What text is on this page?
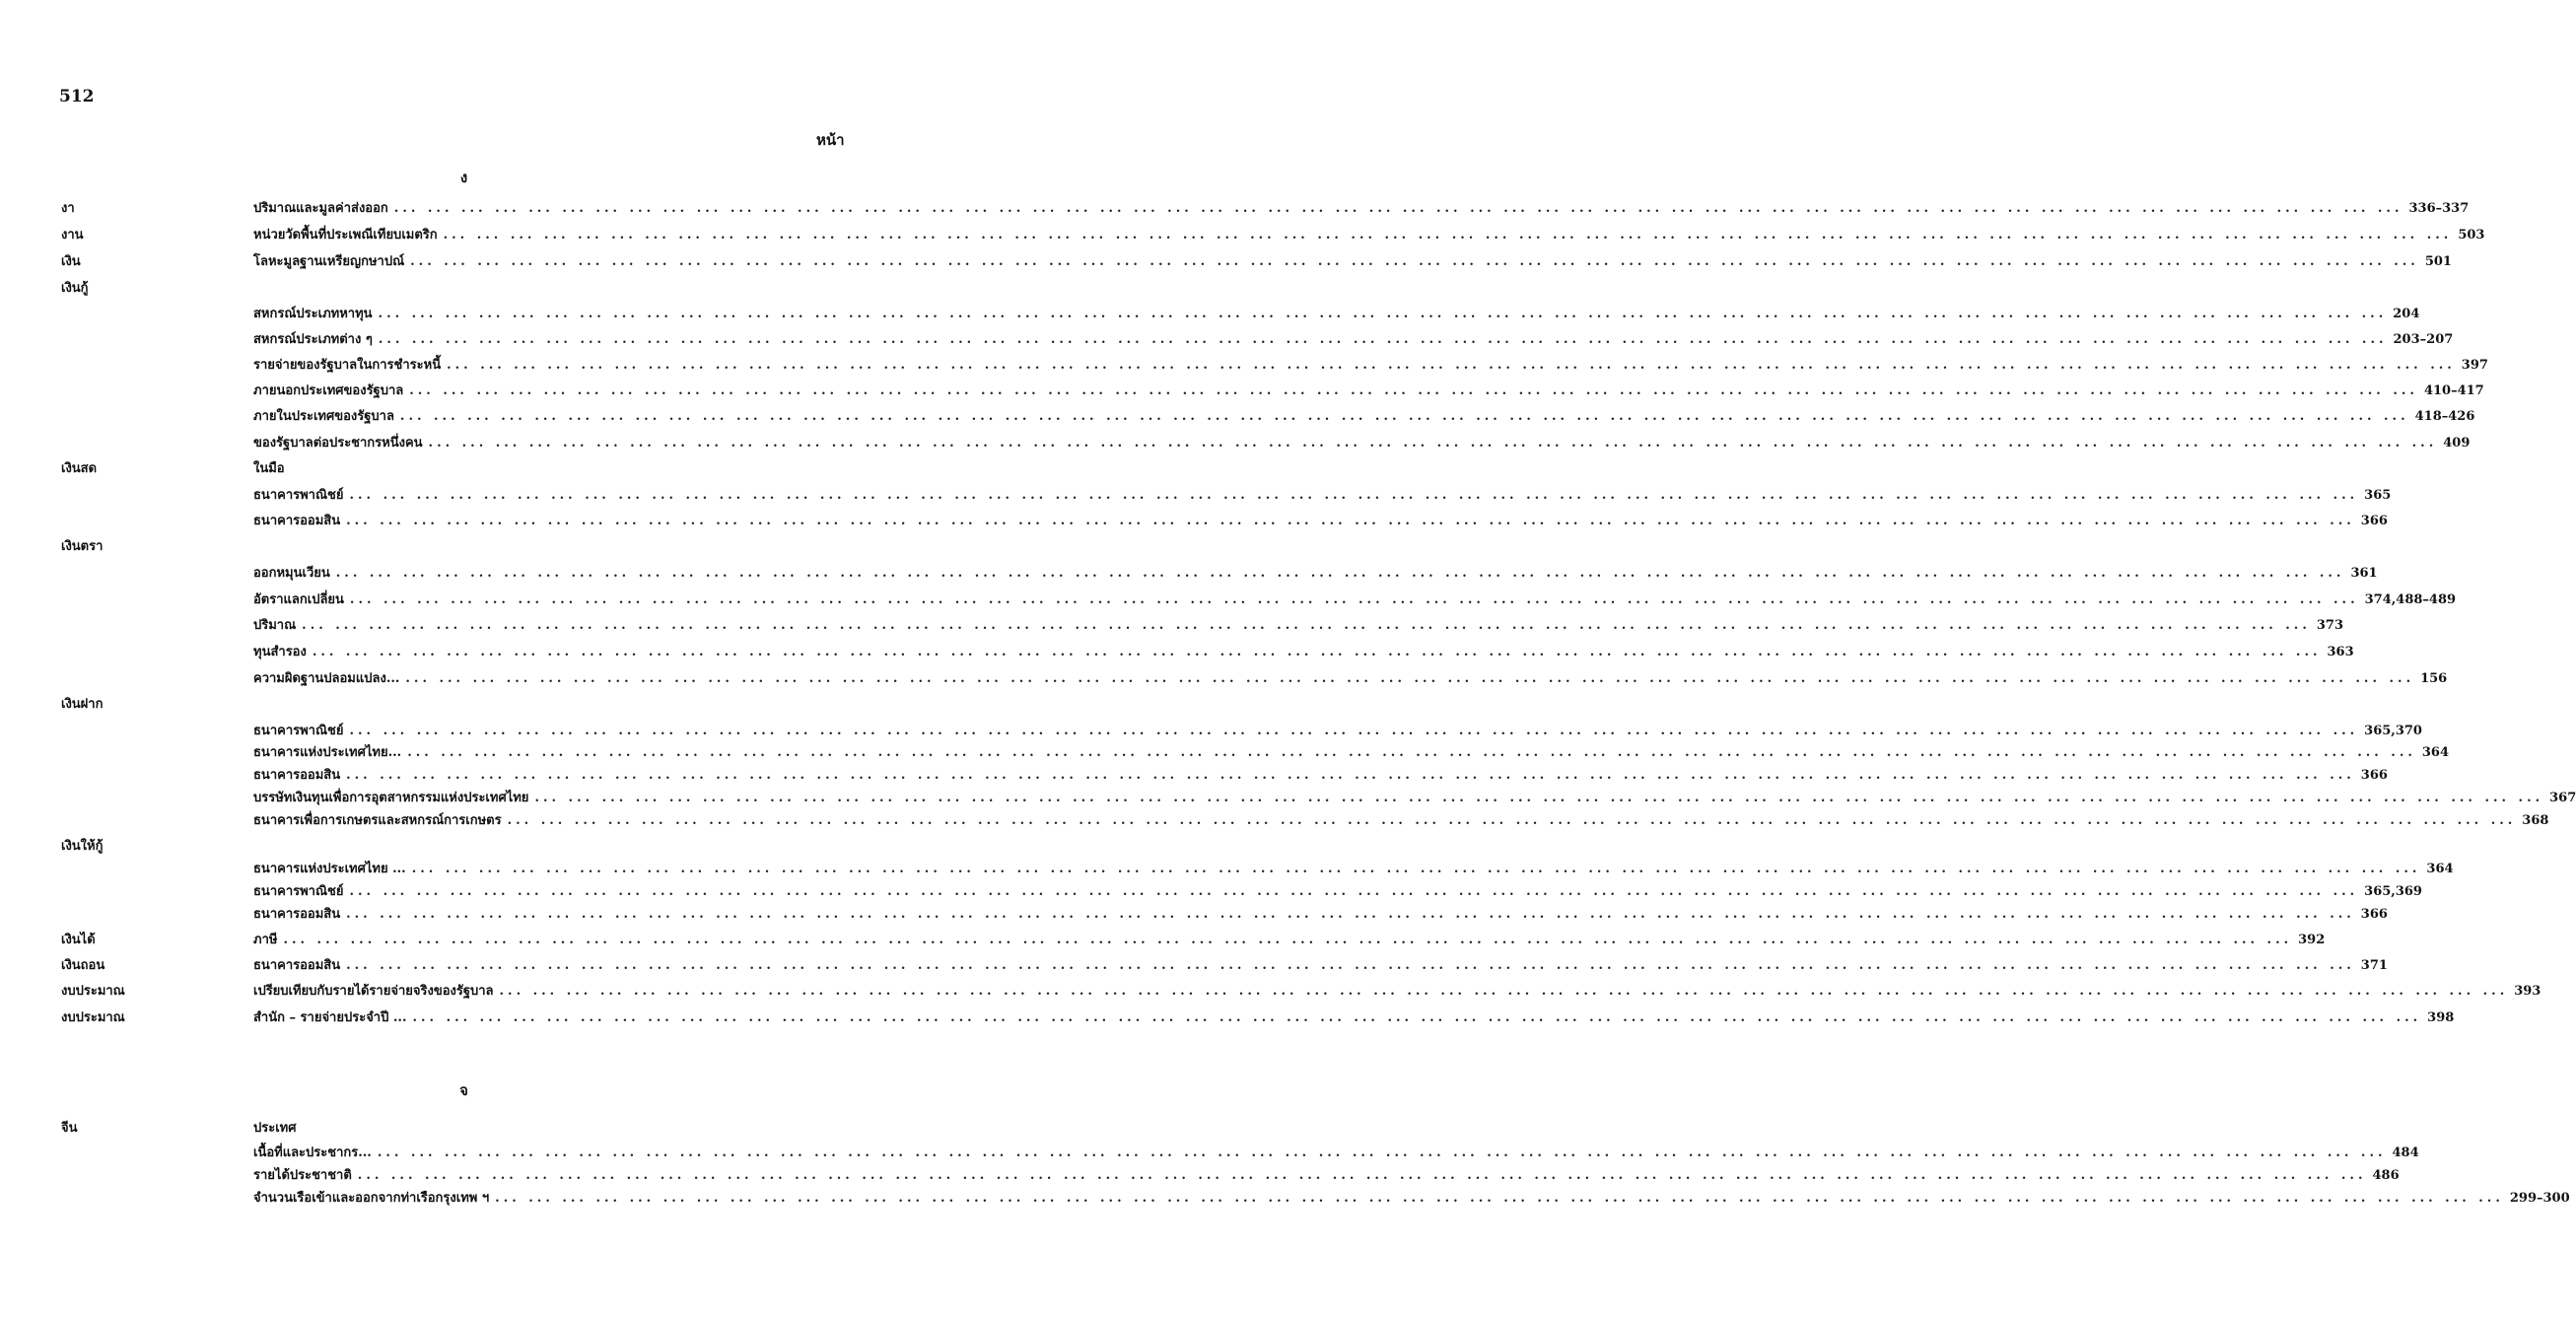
512
หน้า
ง
งา	ปริมาณและมูลค่าส่งออก ... ... ... ... ... ... ... ... ... ... ... ... ... ... ... ... ... ... ... ... ... ... ... ... ... ... ... ... ... ... ... ... ... ... ... ... ... ... ... ... ... ... ... ... ... ... ... ... ... ... ... ... ... ... ... ... ... ... ... ... 336–337
งาน	หน่วยวัดพื้นที่ประเพณีเทียบเมตริก ... ... ... ... ... ... ... ... ... ... ... ... ... ... ... ... ... ... ... ... ... ... ... ... ... ... ... ... ... ... ... ... ... ... ... ... ... ... ... ... ... ... ... ... ... ... ... ... ... ... ... ... ... ... ... ... ... ... ... ... 503
เงิน	โลหะมูลฐานเหรียญกษาปณ์ ... ... ... ... ... ... ... ... ... ... ... ... ... ... ... ... ... ... ... ... ... ... ... ... ... ... ... ... ... ... ... ... ... ... ... ... ... ... ... ... ... ... ... ... ... ... ... ... ... ... ... ... ... ... ... ... ... ... ... ... 501
เงินกู้
สหกรณ์ประเภทหาทุน ... ... ... ... ... ... ... ... ... ... ... ... ... ... ... ... ... ... ... ... ... ... ... ... ... ... ... ... ... ... ... ... ... ... ... ... ... ... ... ... ... ... ... ... ... ... ... ... ... ... ... ... ... ... ... ... ... ... ... ... 204
สหกรณ์ประเภทต่าง ๆ ... ... ... ... ... ... ... ... ... ... ... ... ... ... ... ... ... ... ... ... ... ... ... ... ... ... ... ... ... ... ... ... ... ... ... ... ... ... ... ... ... ... ... ... ... ... ... ... ... ... ... ... ... ... ... ... ... ... ... ... 203–207
รายจ่ายของรัฐบาลในการชำระหนี้ ... ... ... ... ... ... ... ... ... ... ... ... ... ... ... ... ... ... ... ... ... ... ... ... ... ... ... ... ... ... ... ... ... ... ... ... ... ... ... ... ... ... ... ... ... ... ... ... ... ... ... ... ... ... ... ... ... ... ... ... 397
ภายนอกประเทศของรัฐบาล ... ... ... ... ... ... ... ... ... ... ... ... ... ... ... ... ... ... ... ... ... ... ... ... ... ... ... ... ... ... ... ... ... ... ... ... ... ... ... ... ... ... ... ... ... ... ... ... ... ... ... ... ... ... ... ... ... ... ... ... 410–417
ภายในประเทศของรัฐบาล ... ... ... ... ... ... ... ... ... ... ... ... ... ... ... ... ... ... ... ... ... ... ... ... ... ... ... ... ... ... ... ... ... ... ... ... ... ... ... ... ... ... ... ... ... ... ... ... ... ... ... ... ... ... ... ... ... ... ... ... 418–426
ของรัฐบาลต่อประชากรหนึ่งคน ... ... ... ... ... ... ... ... ... ... ... ... ... ... ... ... ... ... ... ... ... ... ... ... ... ... ... ... ... ... ... ... ... ... ... ... ... ... ... ... ... ... ... ... ... ... ... ... ... ... ... ... ... ... ... ... ... ... ... ... 409
เงินสด	ในมือ
ธนาคารพาณิชย์ ... ... ... ... ... ... ... ... ... ... ... ... ... ... ... ... ... ... ... ... ... ... ... ... ... ... ... ... ... ... ... ... ... ... ... ... ... ... ... ... ... ... ... ... ... ... ... ... ... ... ... ... ... ... ... ... ... ... ... ... 365
ธนาคารออมสิน ... ... ... ... ... ... ... ... ... ... ... ... ... ... ... ... ... ... ... ... ... ... ... ... ... ... ... ... ... ... ... ... ... ... ... ... ... ... ... ... ... ... ... ... ... ... ... ... ... ... ... ... ... ... ... ... ... ... ... ... 366
เงินตรา
ออกหมุนเวียน ... ... ... ... ... ... ... ... ... ... ... ... ... ... ... ... ... ... ... ... ... ... ... ... ... ... ... ... ... ... ... ... ... ... ... ... ... ... ... ... ... ... ... ... ... ... ... ... ... ... ... ... ... ... ... ... ... ... ... ... 361
อัตราแลกเปลี่ยน ... ... ... ... ... ... ... ... ... ... ... ... ... ... ... ... ... ... ... ... ... ... ... ... ... ... ... ... ... ... ... ... ... ... ... ... ... ... ... ... ... ... ... ... ... ... ... ... ... ... ... ... ... ... ... ... ... ... ... ... 374,488–489
ปริมาณ ... ... ... ... ... ... ... ... ... ... ... ... ... ... ... ... ... ... ... ... ... ... ... ... ... ... ... ... ... ... ... ... ... ... ... ... ... ... ... ... ... ... ... ... ... ... ... ... ... ... ... ... ... ... ... ... ... ... ... ... 373
ทุนสำรอง ... ... ... ... ... ... ... ... ... ... ... ... ... ... ... ... ... ... ... ... ... ... ... ... ... ... ... ... ... ... ... ... ... ... ... ... ... ... ... ... ... ... ... ... ... ... ... ... ... ... ... ... ... ... ... ... ... ... ... ... 363
ความผิดฐานปลอมแปลง... ... ... ... ... ... ... ... ... ... ... ... ... ... ... ... ... ... ... ... ... ... ... ... ... ... ... ... ... ... ... ... ... ... ... ... ... ... ... ... ... ... ... ... ... ... ... ... ... ... ... ... ... ... ... ... ... ... ... ... ... 156
เงินฝาก
ธนาคารพาณิชย์ ... ... ... ... ... ... ... ... ... ... ... ... ... ... ... ... ... ... ... ... ... ... ... ... ... ... ... ... ... ... ... ... ... ... ... ... ... ... ... ... ... ... ... ... ... ... ... ... ... ... ... ... ... ... ... ... ... ... ... ... 365,370
ธนาคารแห่งประเทศไทย... ... ... ... ... ... ... ... ... ... ... ... ... ... ... ... ... ... ... ... ... ... ... ... ... ... ... ... ... ... ... ... ... ... ... ... ... ... ... ... ... ... ... ... ... ... ... ... ... ... ... ... ... ... ... ... ... ... ... ... ... 364
ธนาคารออมสิน ... ... ... ... ... ... ... ... ... ... ... ... ... ... ... ... ... ... ... ... ... ... ... ... ... ... ... ... ... ... ... ... ... ... ... ... ... ... ... ... ... ... ... ... ... ... ... ... ... ... ... ... ... ... ... ... ... ... ... ... 366
บรรษัทเงินทุนเพื่อการอุตสาหกรรมแห่งประเทศไทย ... ... ... ... ... ... ... ... ... ... ... ... ... ... ... ... ... ... ... ... ... ... ... ... ... ... ... ... ... ... ... ... ... ... ... ... ... ... ... ... ... ... ... ... ... ... ... ... ... ... ... ... ... ... ... ... ... ... ... ... 367
ธนาคารเพื่อการเกษตรและสหกรณ์การเกษตร ... ... ... ... ... ... ... ... ... ... ... ... ... ... ... ... ... ... ... ... ... ... ... ... ... ... ... ... ... ... ... ... ... ... ... ... ... ... ... ... ... ... ... ... ... ... ... ... ... ... ... ... ... ... ... ... ... ... ... ... 368
เงินให้กู้
ธนาคารแห่งประเทศไทย ... ... ... ... ... ... ... ... ... ... ... ... ... ... ... ... ... ... ... ... ... ... ... ... ... ... ... ... ... ... ... ... ... ... ... ... ... ... ... ... ... ... ... ... ... ... ... ... ... ... ... ... ... ... ... ... ... ... ... ... ... 364
ธนาคารพาณิชย์ ... ... ... ... ... ... ... ... ... ... ... ... ... ... ... ... ... ... ... ... ... ... ... ... ... ... ... ... ... ... ... ... ... ... ... ... ... ... ... ... ... ... ... ... ... ... ... ... ... ... ... ... ... ... ... ... ... ... ... ... 365,369
ธนาคารออมสิน ... ... ... ... ... ... ... ... ... ... ... ... ... ... ... ... ... ... ... ... ... ... ... ... ... ... ... ... ... ... ... ... ... ... ... ... ... ... ... ... ... ... ... ... ... ... ... ... ... ... ... ... ... ... ... ... ... ... ... ... 366
เงินได้	ภาษี ... ... ... ... ... ... ... ... ... ... ... ... ... ... ... ... ... ... ... ... ... ... ... ... ... ... ... ... ... ... ... ... ... ... ... ... ... ... ... ... ... ... ... ... ... ... ... ... ... ... ... ... ... ... ... ... ... ... ... ... 392
เงินถอน	ธนาคารออมสิน ... ... ... ... ... ... ... ... ... ... ... ... ... ... ... ... ... ... ... ... ... ... ... ... ... ... ... ... ... ... ... ... ... ... ... ... ... ... ... ... ... ... ... ... ... ... ... ... ... ... ... ... ... ... ... ... ... ... ... ... 371
งบประมาณ	เปรียบเทียบกับรายได้รายจ่ายจริงของรัฐบาล ... ... ... ... ... ... ... ... ... ... ... ... ... ... ... ... ... ... ... ... ... ... ... ... ... ... ... ... ... ... ... ... ... ... ... ... ... ... ... ... ... ... ... ... ... ... ... ... ... ... ... ... ... ... ... ... ... ... ... ... 393
งบประมาณ	สำนัก – รายจ่ายประจำปี ... ... ... ... ... ... ... ... ... ... ... ... ... ... ... ... ... ... ... ... ... ... ... ... ... ... ... ... ... ... ... ... ... ... ... ... ... ... ... ... ... ... ... ... ... ... ... ... ... ... ... ... ... ... ... ... ... ... ... ... ... 398
จ
จีน	ประเทศ
เนื้อที่และประชากร... ... ... ... ... ... ... ... ... ... ... ... ... ... ... ... ... ... ... ... ... ... ... ... ... ... ... ... ... ... ... ... ... ... ... ... ... ... ... ... ... ... ... ... ... ... ... ... ... ... ... ... ... ... ... ... ... ... ... ... ... 484
รายได้ประชาชาติ ... ... ... ... ... ... ... ... ... ... ... ... ... ... ... ... ... ... ... ... ... ... ... ... ... ... ... ... ... ... ... ... ... ... ... ... ... ... ... ... ... ... ... ... ... ... ... ... ... ... ... ... ... ... ... ... ... ... ... ... 486
จำนวนเรือเข้าและออกจากท่าเรือกรุงเทพ ฯ ... ... ... ... ... ... ... ... ... ... ... ... ... ... ... ... ... ... ... ... ... ... ... ... ... ... ... ... ... ... ... ... ... ... ... ... ... ... ... ... ... ... ... ... ... ... ... ... ... ... ... ... ... ... ... ... ... ... ... ... 299–300
